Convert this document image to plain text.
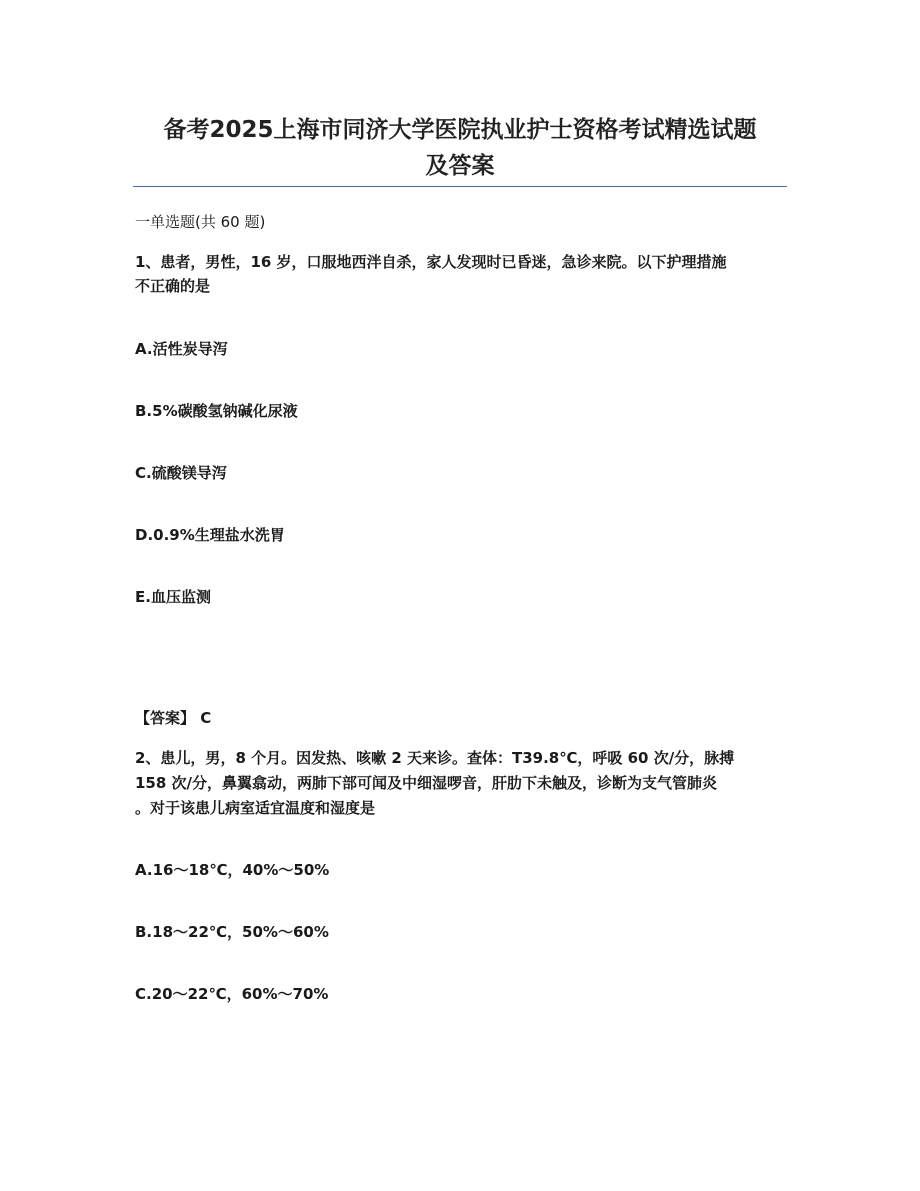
备考2025上海市同济大学医院执业护士资格考试精选试题
及答案
一单选题(共 60 题)
1、患者，男性，16 岁，口服地西泮自杀，家人发现时已昏迷，急诊来院。以下护理措施
不正确的是
A.活性炭导泻
B.5%碳酸氢钠碱化尿液
C.硫酸镁导泻
D.0.9%生理盐水洗胃
E.血压监测
【答案】 C
2、患儿，男，8 个月。因发热、咳嗽 2 天来诊。查体：T39.8℃，呼吸 60 次/分，脉搏
158 次/分，鼻翼翕动，两肺下部可闻及中细湿啰音，肝肋下未触及，诊断为支气管肺炎
。对于该患儿病室适宜温度和湿度是
A.16～18℃，40%～50%
B.18～22℃，50%～60%
C.20～22℃，60%～70%
